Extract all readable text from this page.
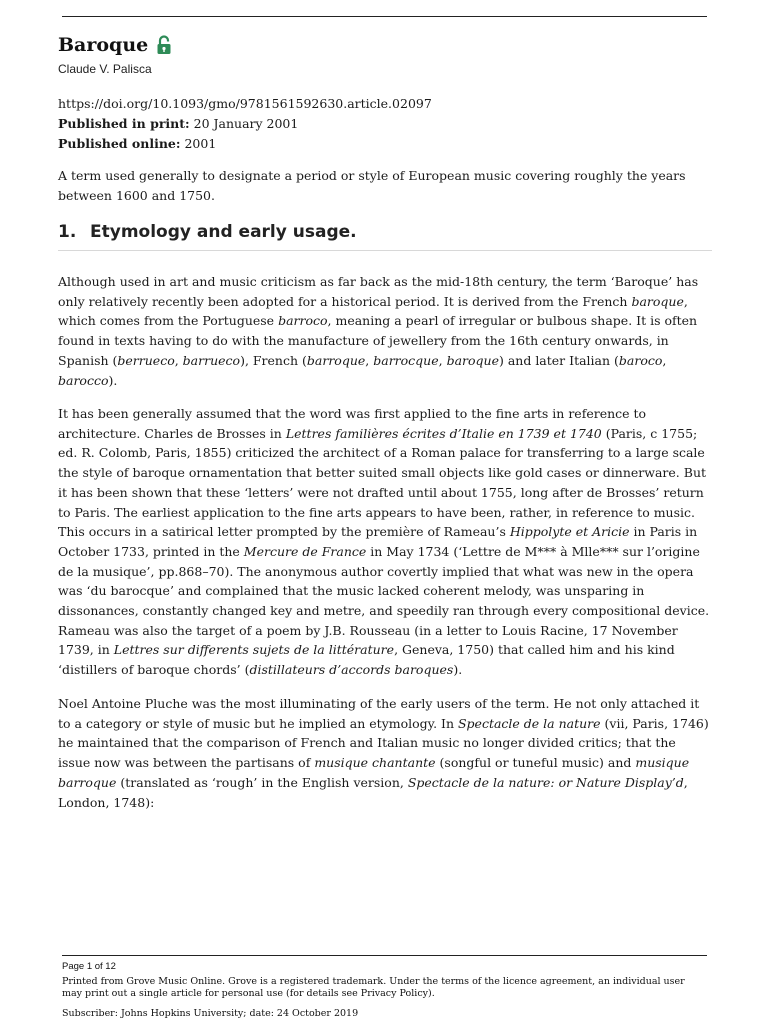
Baroque
Claude V. Palisca
https://doi.org/10.1093/gmo/9781561592630.article.02097
Published in print: 20 January 2001
Published online: 2001

A term used generally to designate a period or style of European music covering roughly the years between 1600 and 1750.

1. Etymology and early usage.

Although used in art and music criticism as far back as the mid-18th century, the term ‘Baroque’ has only relatively recently been adopted for a historical period. It is derived from the French baroque, which comes from the Portuguese barroco, meaning a pearl of irregular or bulbous shape. It is often found in texts having to do with the manufacture of jewellery from the 16th century onwards, in Spanish (berrueco, barrueco), French (barroque, barrocque, baroque) and later Italian (baroco, barocco).

It has been generally assumed that the word was first applied to the fine arts in reference to architecture. Charles de Brosses in Lettres familières écrites d’Italie en 1739 et 1740 (Paris, c 1755; ed. R. Colomb, Paris, 1855) criticized the architect of a Roman palace for transferring to a large scale the style of baroque ornamentation that better suited small objects like gold cases or dinnerware. But it has been shown that these ‘letters’ were not drafted until about 1755, long after de Brosses’ return to Paris. The earliest application to the fine arts appears to have been, rather, in reference to music. This occurs in a satirical letter prompted by the première of Rameau’s Hippolyte et Aricie in Paris in October 1733, printed in the Mercure de France in May 1734 (‘Lettre de M*** à Mlle*** sur l’origine de la musique’, pp.868–70). The anonymous author covertly implied that what was new in the opera was ‘du barocque’ and complained that the music lacked coherent melody, was unsparing in dissonances, constantly changed key and metre, and speedily ran through every compositional device. Rameau was also the target of a poem by J.B. Rousseau (in a letter to Louis Racine, 17 November 1739, in Lettres sur differents sujets de la littérature, Geneva, 1750) that called him and his kind ‘distillers of baroque chords’ (distillateurs d’accords baroques).

Noel Antoine Pluche was the most illuminating of the early users of the term. He not only attached it to a category or style of music but he implied an etymology. In Spectacle de la nature (vii, Paris, 1746) he maintained that the comparison of French and Italian music no longer divided critics; that the issue now was between the partisans of musique chantante (songful or tuneful music) and musique barroque (translated as ‘rough’ in the English version, Spectacle de la nature: or Nature Display’d, London, 1748):

Page 1 of 12
Printed from Grove Music Online. Grove is a registered trademark. Under the terms of the licence agreement, an individual user may print out a single article for personal use (for details see Privacy Policy).
Subscriber: Johns Hopkins University; date: 24 October 2019
